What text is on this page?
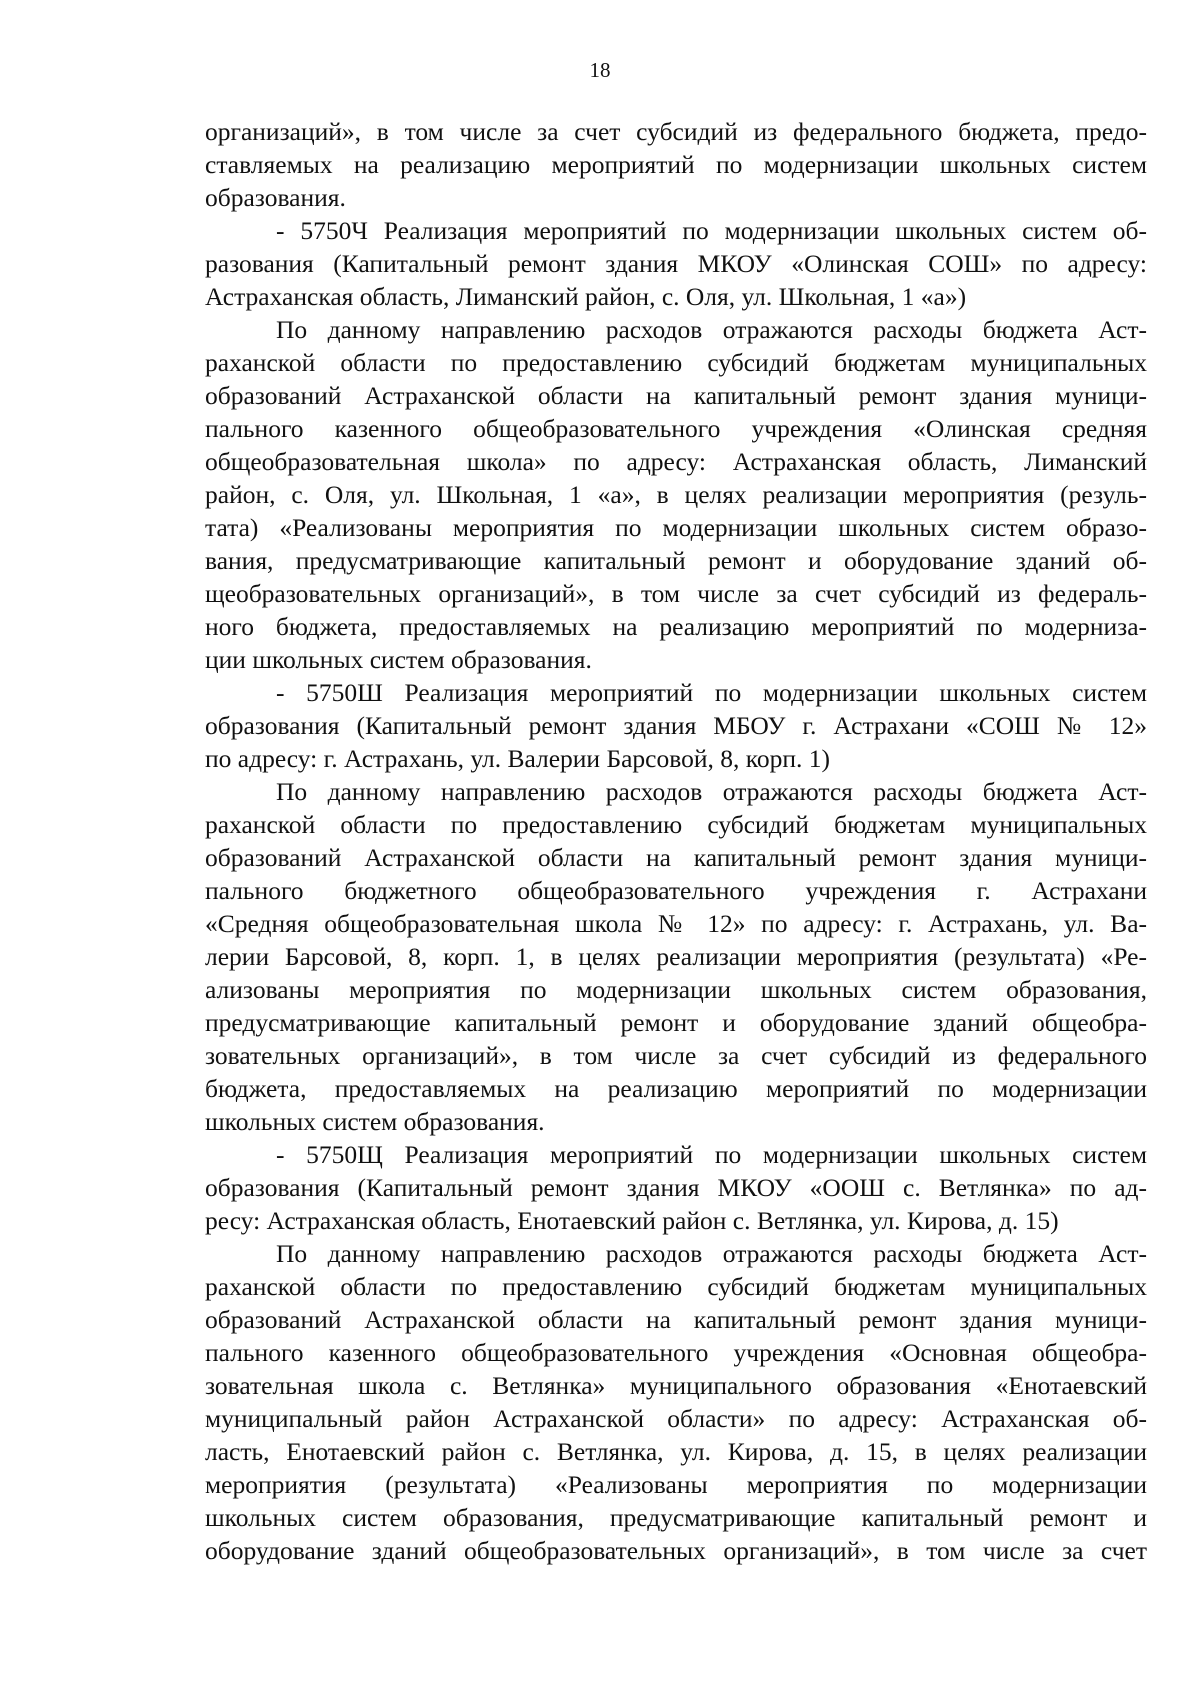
18
организаций», в том числе за счет субсидий из федерального бюджета, предо-
ставляемых на реализацию мероприятий по модернизации школьных систем
образования.
- 5750Ч Реализация мероприятий по модернизации школьных систем об-
разования (Капитальный ремонт здания МКОУ «Олинская СОШ» по адресу:
Астраханская область, Лиманский район, с. Оля, ул. Школьная, 1 «а»)
По данному направлению расходов отражаются расходы бюджета Аст-
раханской области по предоставлению субсидий бюджетам муниципальных
образований Астраханской области на капитальный ремонт здания муници-
пального казенного общеобразовательного учреждения «Олинская средняя
общеобразовательная школа» по адресу: Астраханская область, Лиманский
район, с. Оля, ул. Школьная, 1 «а», в целях реализации мероприятия (резуль-
тата) «Реализованы мероприятия по модернизации школьных систем образо-
вания, предусматривающие капитальный ремонт и оборудование зданий об-
щеобразовательных организаций», в том числе за счет субсидий из федераль-
ного бюджета, предоставляемых на реализацию мероприятий по модерниза-
ции школьных систем образования.
- 5750Ш Реализация мероприятий по модернизации школьных систем
образования (Капитальный ремонт здания МБОУ г. Астрахани «СОШ № 12»
по адресу: г. Астрахань, ул. Валерии Барсовой, 8, корп. 1)
По данному направлению расходов отражаются расходы бюджета Аст-
раханской области по предоставлению субсидий бюджетам муниципальных
образований Астраханской области на капитальный ремонт здания муници-
пального бюджетного общеобразовательного учреждения г. Астрахани
«Средняя общеобразовательная школа № 12» по адресу: г. Астрахань, ул. Ва-
лерии Барсовой, 8, корп. 1, в целях реализации мероприятия (результата) «Ре-
ализованы мероприятия по модернизации школьных систем образования,
предусматривающие капитальный ремонт и оборудование зданий общеобра-
зовательных организаций», в том числе за счет субсидий из федерального
бюджета, предоставляемых на реализацию мероприятий по модернизации
школьных систем образования.
- 5750Щ Реализация мероприятий по модернизации школьных систем
образования (Капитальный ремонт здания МКОУ «ООШ с. Ветлянка» по ад-
ресу: Астраханская область, Енотаевский район с. Ветлянка, ул. Кирова, д. 15)
По данному направлению расходов отражаются расходы бюджета Аст-
раханской области по предоставлению субсидий бюджетам муниципальных
образований Астраханской области на капитальный ремонт здания муници-
пального казенного общеобразовательного учреждения «Основная общеобра-
зовательная школа с. Ветлянка» муниципального образования «Енотаевский
муниципальный район Астраханской области» по адресу: Астраханская об-
ласть, Енотаевский район с. Ветлянка, ул. Кирова, д. 15, в целях реализации
мероприятия (результата) «Реализованы мероприятия по модернизации
школьных систем образования, предусматривающие капитальный ремонт и
оборудование зданий общеобразовательных организаций», в том числе за счет
